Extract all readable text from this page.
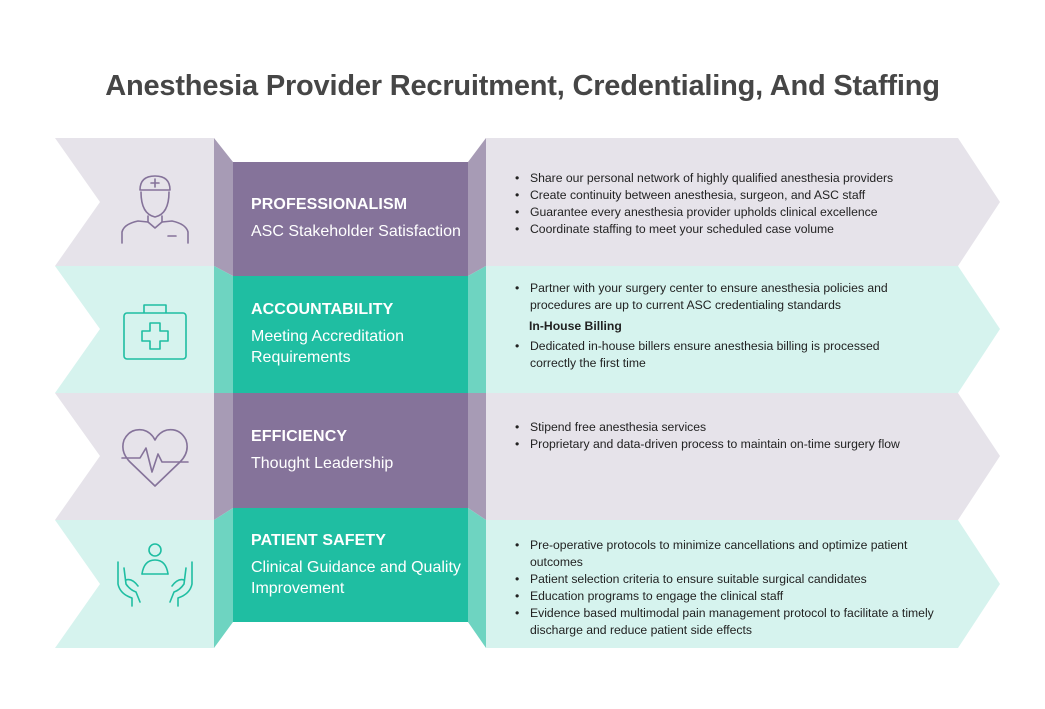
Anesthesia Provider Recruitment, Credentialing, And Staffing
PROFESSIONALISM
ASC Stakeholder Satisfaction
• Share our personal network of highly qualified anesthesia providers
• Create continuity between anesthesia, surgeon, and ASC staff
• Guarantee every anesthesia provider upholds clinical excellence
• Coordinate staffing to meet your scheduled case volume
ACCOUNTABILITY
Meeting Accreditation Requirements
• Partner with your surgery center to ensure anesthesia policies and procedures are up to current ASC credentialing standards
In-House Billing
• Dedicated in-house billers ensure anesthesia billing is processed correctly the first time
EFFICIENCY
Thought Leadership
• Stipend free anesthesia services
• Proprietary and data-driven process to maintain on-time surgery flow
PATIENT SAFETY
Clinical Guidance and Quality Improvement
• Pre-operative protocols to minimize cancellations and optimize patient outcomes
• Patient selection criteria to ensure suitable surgical candidates
• Education programs to engage the clinical staff
• Evidence based multimodal pain management protocol to facilitate a timely discharge and reduce patient side effects
